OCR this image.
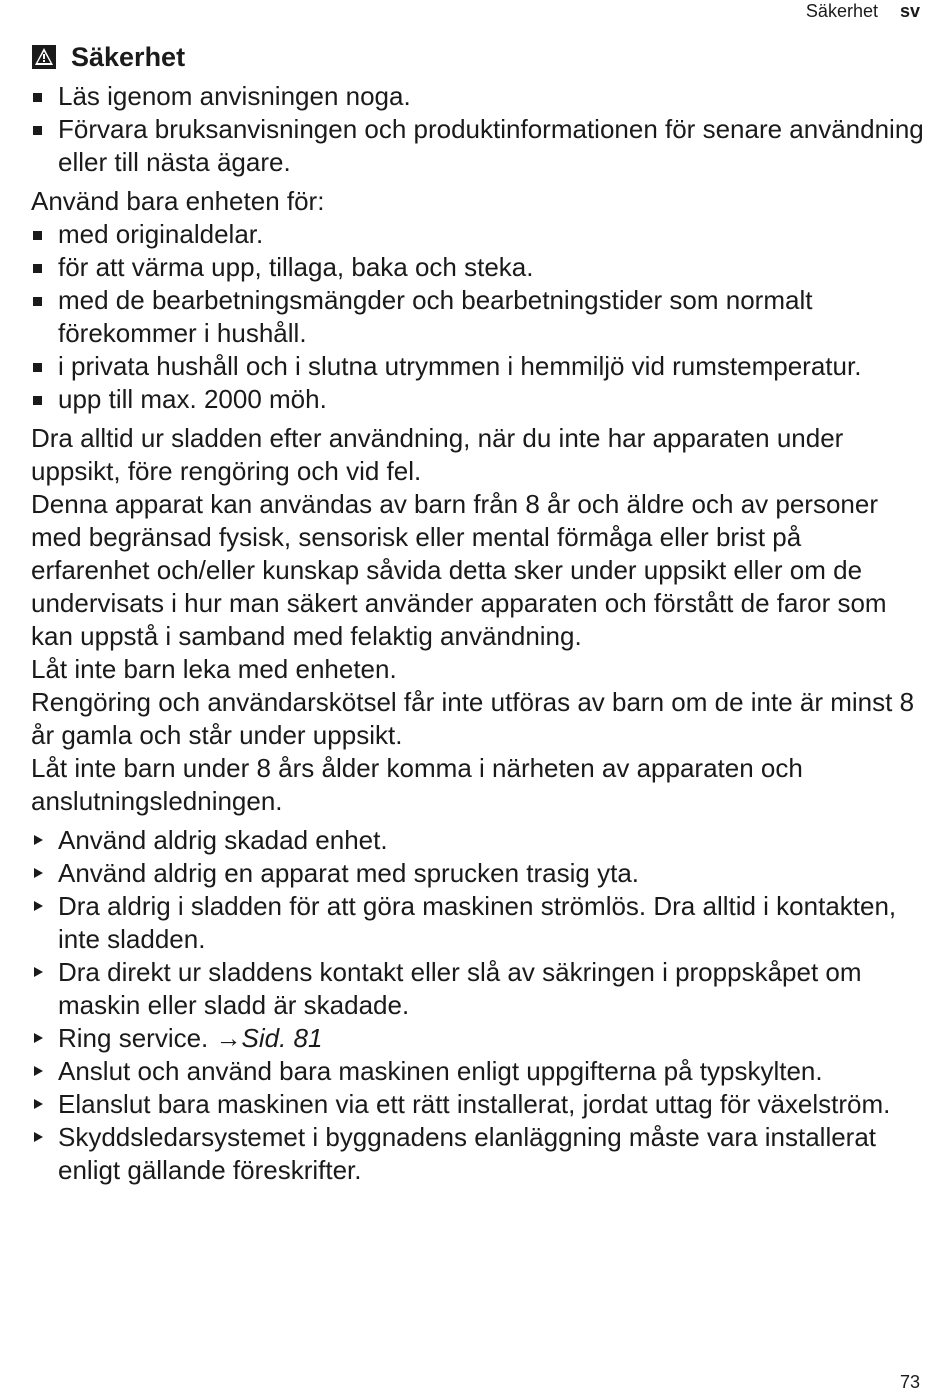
Säkerhet sv
Säkerhet
Läs igenom anvisningen noga.
Förvara bruksanvisningen och produktinformationen för senare användning eller till nästa ägare.

Använd bara enheten för:

med originaldelar.
för att värma upp, tillaga, baka och steka.
med de bearbetningsmängder och bearbetningstider som normalt förekommer i hushåll.
i privata hushåll och i slutna utrymmen i hemmiljö vid rumstemperatur.
upp till max. 2000 möh.

Dra alltid ur sladden efter användning, när du inte har apparaten under uppsikt, före rengöring och vid fel.

Denna apparat kan användas av barn från 8 år och äldre och av personer med begränsad fysisk, sensorisk eller mental förmåga eller brist på erfarenhet och/eller kunskap såvida detta sker under uppsikt eller om de undervisats i hur man säkert använder apparaten och förstått de faror som kan uppstå i samband med felaktig användning.

Låt inte barn leka med enheten.

Rengöring och användarskötsel får inte utföras av barn om de inte är minst 8 år gamla och står under uppsikt.

Låt inte barn under 8 års ålder komma i närheten av apparaten och anslutningsledningen.

Använd aldrig skadad enhet.
Använd aldrig en apparat med sprucken trasig yta.
Dra aldrig i sladden för att göra maskinen strömlös. Dra alltid i kontakten, inte sladden.
Dra direkt ur sladdens kontakt eller slå av säkringen i proppskåpet om maskin eller sladd är skadade.
Ring service. →Sid. 81
Anslut och använd bara maskinen enligt uppgifterna på typskylten.
Elanslut bara maskinen via ett rätt installerat, jordat uttag för växelström.
Skyddsledarsystemet i byggnadens elanläggning måste vara installerat enligt gällande föreskrifter.
73
